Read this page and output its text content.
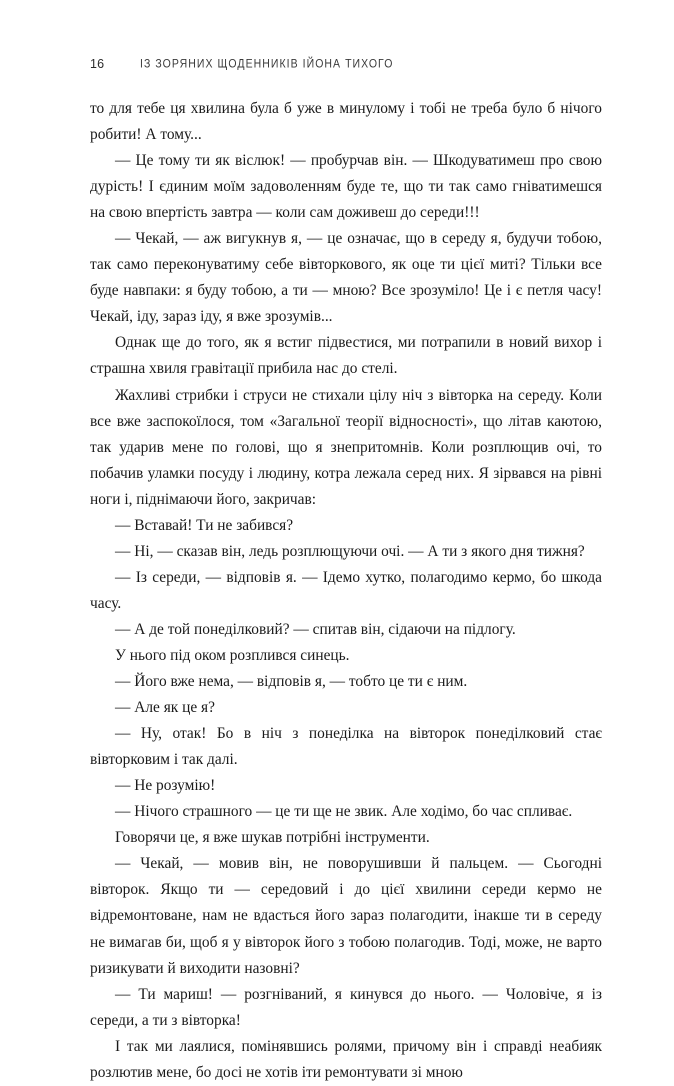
16	ІЗ ЗОРЯНИХ ЩОДЕННИКІВ ІЙОНА ТИХОГО

то для тебе ця хвилина була б уже в минулому і тобі не треба було б нічого робити! А тому...

— Це тому ти як віслюк! — пробурчав він. — Шкодуватимеш про свою дурість! І єдиним моїм задоволенням буде те, що ти так само гніватимешся на свою впертість завтра — коли сам доживеш до середи!!!

— Чекай, — аж вигукнув я, — це означає, що в середу я, будучи тобою, так само переконуватиму себе вівторкового, як оце ти цієї миті? Тільки все буде навпаки: я буду тобою, а ти — мною? Все зрозуміло! Це і є петля часу! Чекай, іду, зараз іду, я вже зрозумів...

Однак ще до того, як я встиг підвестися, ми потрапили в новий вихор і страшна хвиля гравітації прибила нас до стелі.

Жахливі стрибки і струси не стихали цілу ніч з вівторка на середу. Коли все вже заспокоїлося, том «Загальної теорії відносності», що літав каютою, так ударив мене по голові, що я знепритомнів. Коли розплющив очі, то побачив уламки посуду і людину, котра лежала серед них. Я зірвався на рівні ноги і, піднімаючи його, закричав:

— Вставай! Ти не забився?

— Ні, — сказав він, ледь розплющуючи очі. — А ти з якого дня тижня?

— Із середи, — відповів я. — Ідемо хутко, полагодимо кермо, бо шкода часу.

— А де той понеділковий? — спитав він, сідаючи на підлогу.

У нього під оком розплився синець.

— Його вже нема, — відповів я, — тобто це ти є ним.

— Але як це я?

— Ну, отак! Бо в ніч з понеділка на вівторок понеділковий стає вівторковим і так далі.

— Не розумію!

— Нічого страшного — це ти ще не звик. Але ходімо, бо час спливає.

Говорячи це, я вже шукав потрібні інструменти.

— Чекай, — мовив він, не поворушивши й пальцем. — Сьогодні вівторок. Якщо ти — середовий і до цієї хвилини середи кермо не відремонтоване, нам не вдасться його зараз полагодити, інакше ти в середу не вимагав би, щоб я у вівторок його з тобою полагодив. Тоді, може, не варто ризикувати й виходити назовні?

— Ти мариш! — розгніваний, я кинувся до нього. — Чоловіче, я із середи, а ти з вівторка!

І так ми лаялися, помінявшись ролями, причому він і справді неабияк розлютив мене, бо досі не хотів іти ремонтувати зі мною
